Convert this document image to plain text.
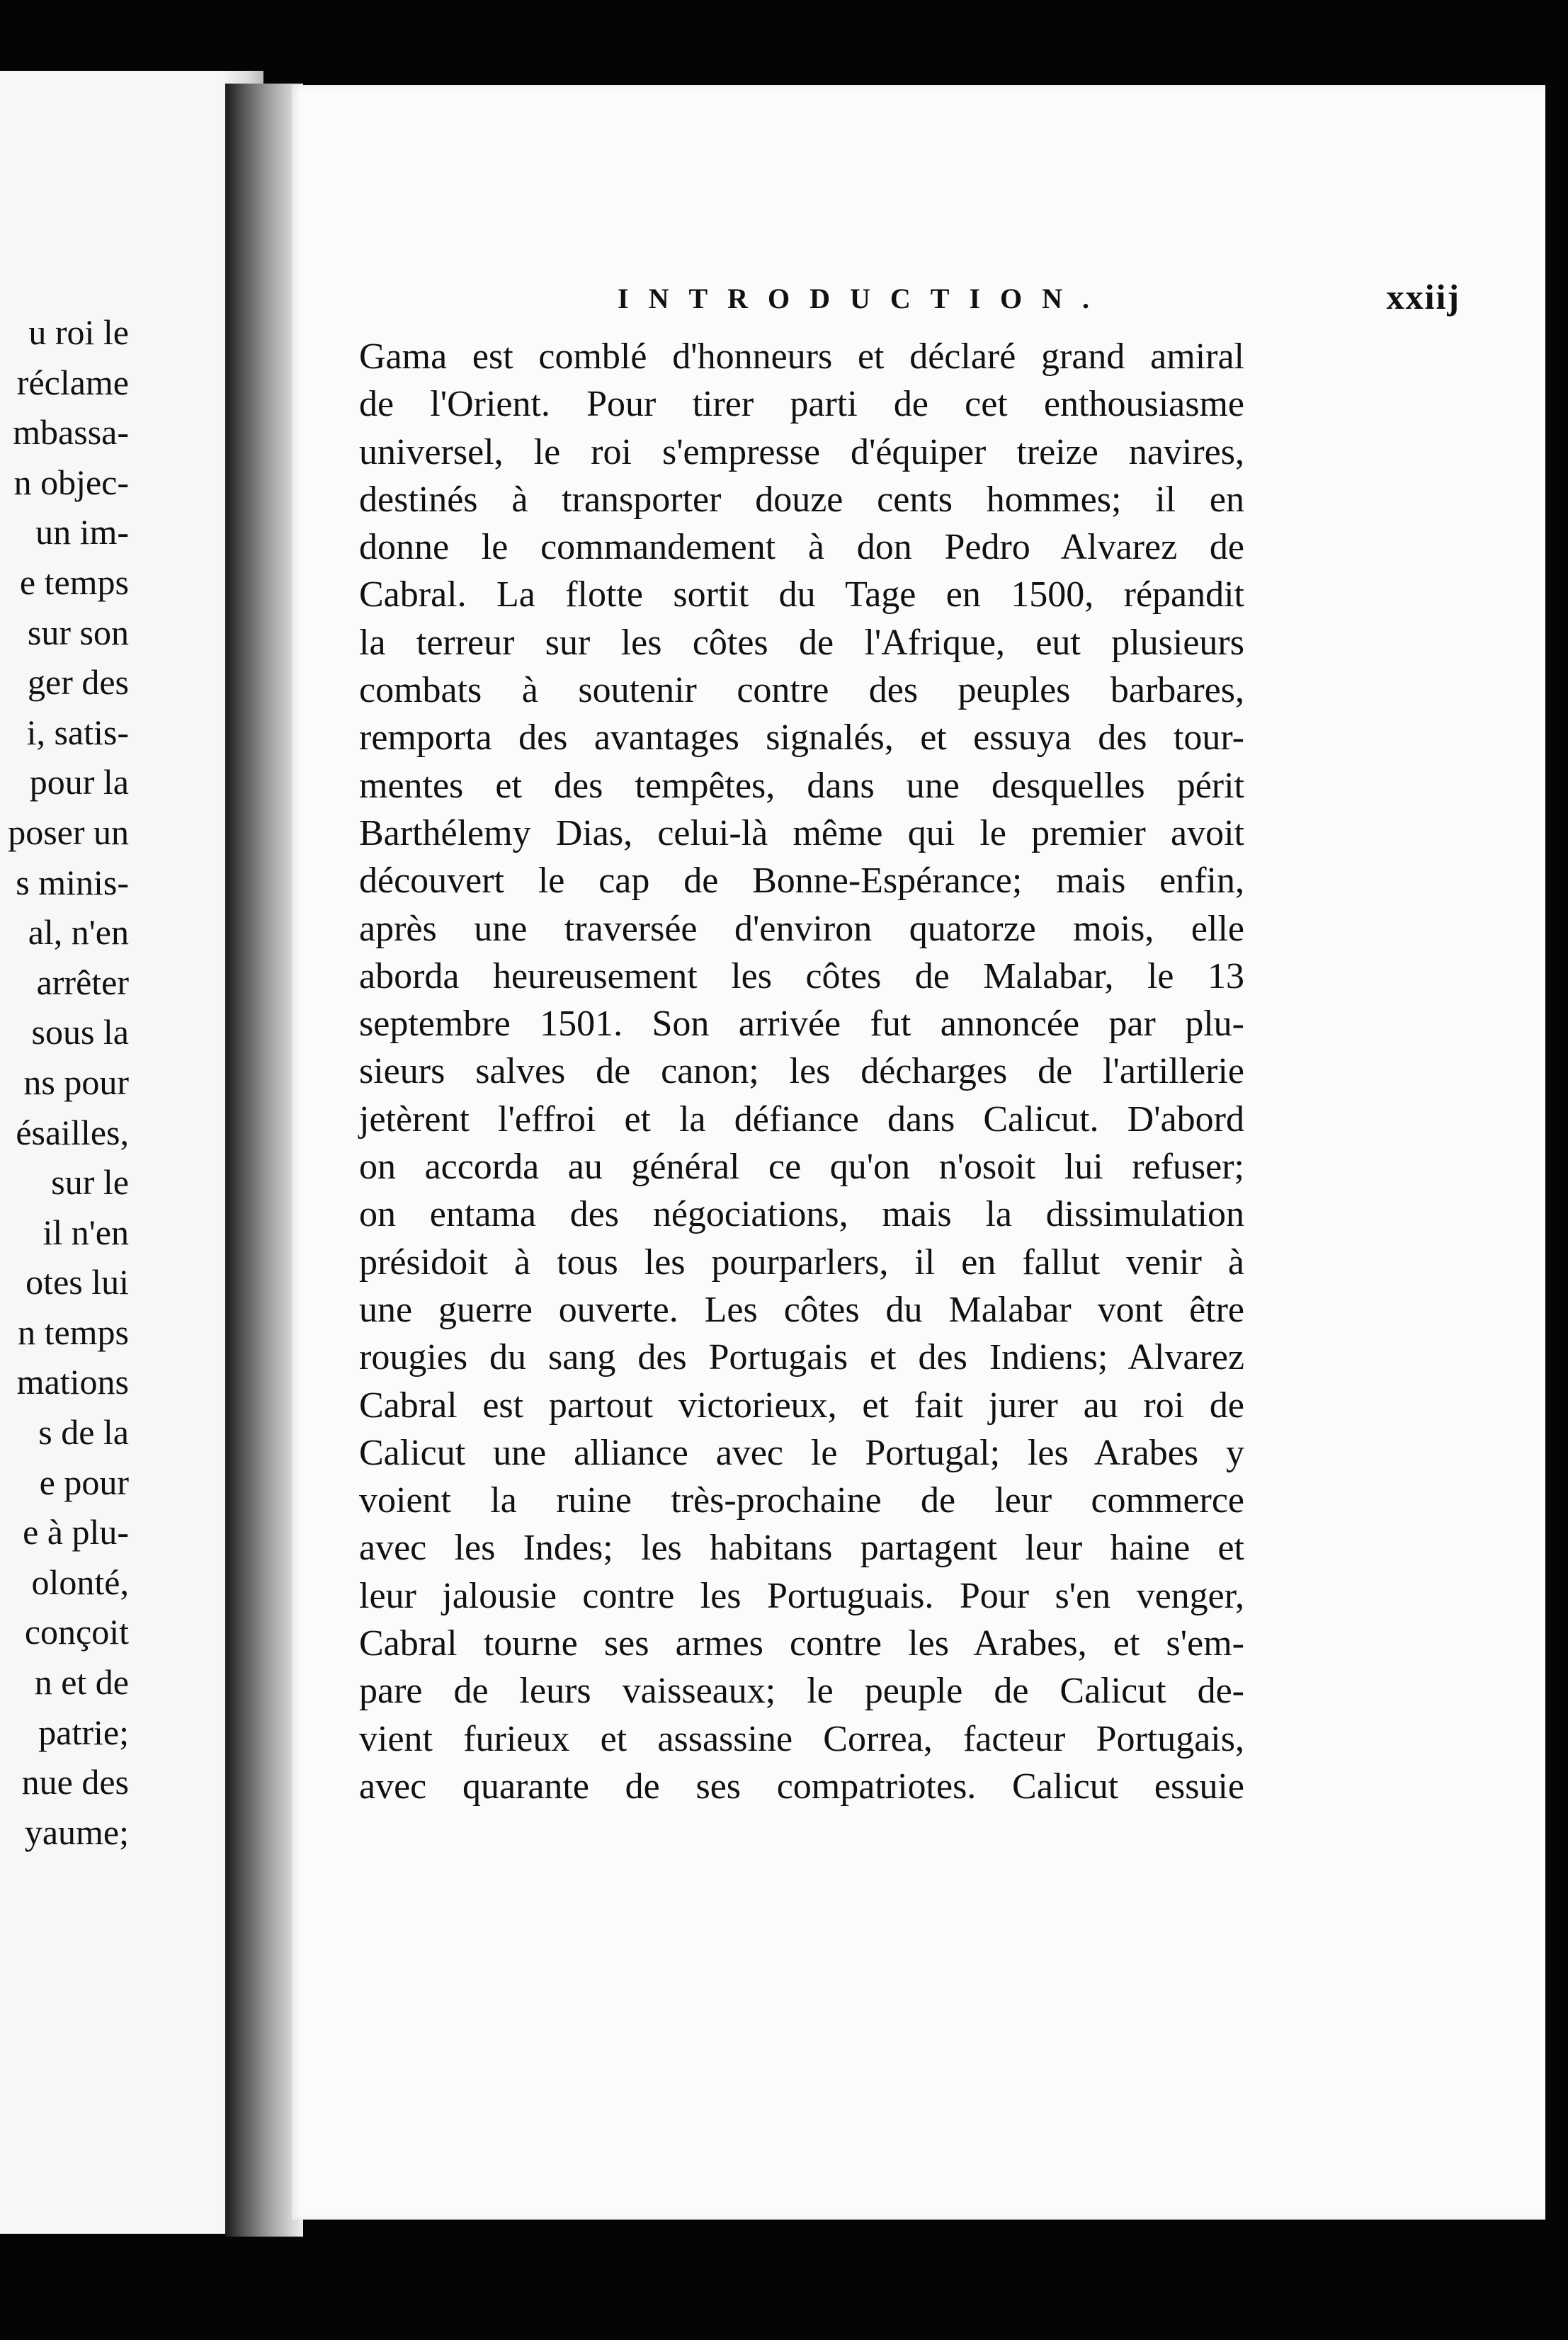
u roi le
réclame
mbassa-
n objec-
un im-
e temps
sur son
ger des
i, satis-
pour la
poser un
s minis-
al, n'en
arrêter
sous la
ns pour
ésailles,
sur le
il n'en
otes lui
n temps
mations
s de la
e pour
e à plu-
olonté,
conçoit
n et de
patrie;
nue des
yaume;
INTRODUCTION.	xxiij
Gama est comblé d'honneurs et déclaré grand amiral
de l'Orient. Pour tirer parti de cet enthousiasme
universel, le roi s'empresse d'équiper treize navires,
destinés à transporter douze cents hommes; il en
donne le commandement à don Pedro Alvarez de
Cabral. La flotte sortit du Tage en 1500, répandit
la terreur sur les côtes de l'Afrique, eut plusieurs
combats à soutenir contre des peuples barbares,
remporta des avantages signalés, et essuya des tour-
mentes et des tempêtes, dans une desquelles périt
Barthélemy Dias, celui-là même qui le premier avoit
découvert le cap de Bonne-Espérance; mais enfin,
après une traversée d'environ quatorze mois, elle
aborda heureusement les côtes de Malabar, le 13
septembre 1501. Son arrivée fut annoncée par plu-
sieurs salves de canon; les décharges de l'artillerie
jetèrent l'effroi et la défiance dans Calicut. D'abord
on accorda au général ce qu'on n'osoit lui refuser;
on entama des négociations, mais la dissimulation
présidoit à tous les pourparlers, il en fallut venir à
une guerre ouverte. Les côtes du Malabar vont être
rougies du sang des Portugais et des Indiens; Alvarez
Cabral est partout victorieux, et fait jurer au roi de
Calicut une alliance avec le Portugal; les Arabes y
voient la ruine très-prochaine de leur commerce
avec les Indes; les habitans partagent leur haine et
leur jalousie contre les Portuguais. Pour s'en venger,
Cabral tourne ses armes contre les Arabes, et s'em-
pare de leurs vaisseaux; le peuple de Calicut de-
vient furieux et assassine Correa, facteur Portugais,
avec quarante de ses compatriotes. Calicut essuie
